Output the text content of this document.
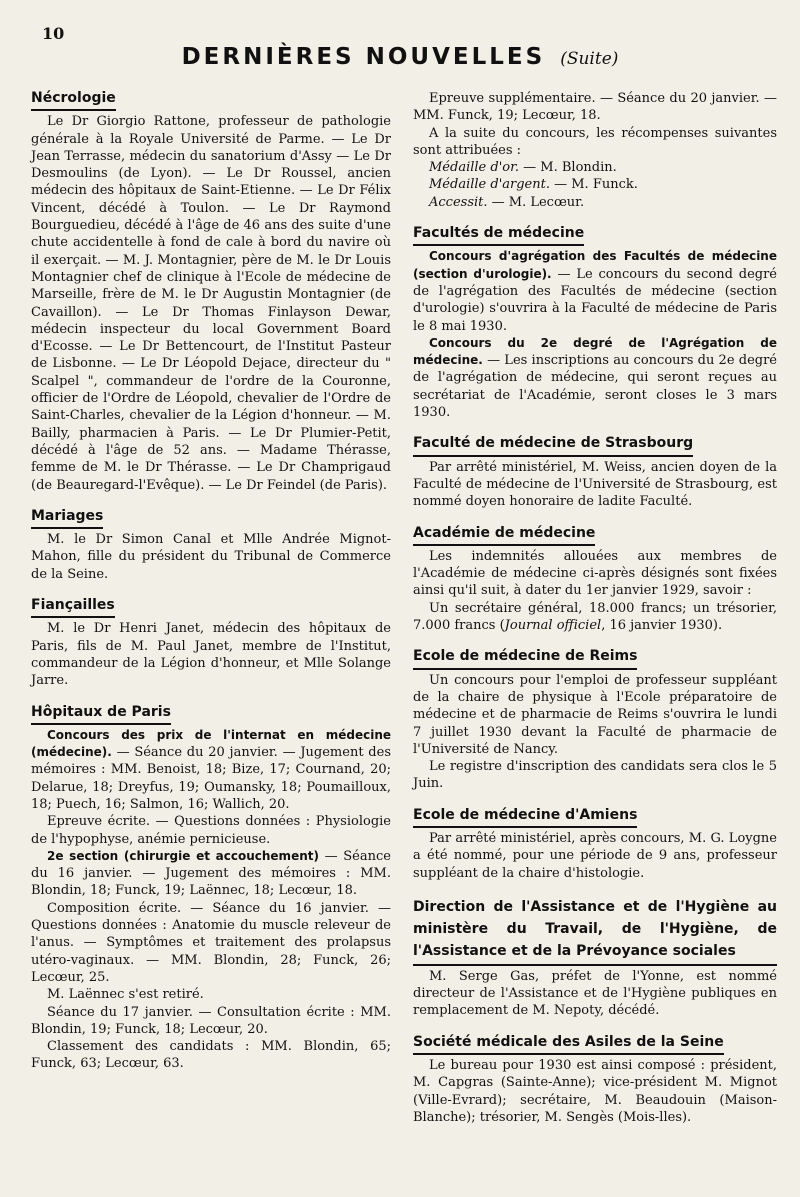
10
DERNIÈRES NOUVELLES (Suite)
Nécrologie

Le Dr Giorgio Rattone, professeur de pathologie générale à la Royale Université de Parme. — Le Dr Jean Terrasse, médecin du sanatorium d'Assy — Le Dr Desmoulins (de Lyon). — Le Dr Roussel, ancien médecin des hôpitaux de Saint-Etienne. — Le Dr Félix Vincent, décédé à Toulon. — Le Dr Raymond Bourguedieu, décédé à l'âge de 46 ans des suite d'une chute accidentelle à fond de cale à bord du navire où il exerçait. — M. J. Montagnier, père de M. le Dr Louis Montagnier chef de clinique à l'Ecole de médecine de Marseille, frère de M. le Dr Augustin Montagnier (de Cavaillon). — Le Dr Thomas Finlayson Dewar, médecin inspecteur du local Government Board d'Ecosse. — Le Dr Bettencourt, de l'Institut Pasteur de Lisbonne. — Le Dr Léopold Dejace, directeur du " Scalpel ", commandeur de l'ordre de la Couronne, officier de l'Ordre de Léopold, chevalier de l'Ordre de Saint-Charles, chevalier de la Légion d'honneur. — M. Bailly, pharmacien à Paris. — Le Dr Plumier-Petit, décédé à l'âge de 52 ans. — Madame Thérasse, femme de M. le Dr Thérasse. — Le Dr Champrigaud (de Beauregard-l'Evêque). — Le Dr Feindel (de Paris).

Mariages

M. le Dr Simon Canal et Mlle Andrée Mignot-Mahon, fille du président du Tribunal de Commerce de la Seine.

Fiançailles

M. le Dr Henri Janet, médecin des hôpitaux de Paris, fils de M. Paul Janet, membre de l'Institut, commandeur de la Légion d'honneur, et Mlle Solange Jarre.

Hôpitaux de Paris

Concours des prix de l'internat en médecine (médecine). — Séance du 20 janvier. — Jugement des mémoires : MM. Benoist, 18; Bize, 17; Cournand, 20; Delarue, 18; Dreyfus, 19; Oumansky, 18; Poumailloux, 18; Puech, 16; Salmon, 16; Wallich, 20.

Epreuve écrite. — Questions données : Physiologie de l'hypophyse, anémie pernicieuse.

2e section (chirurgie et accouchement) — Séance du 16 janvier. — Jugement des mémoires : MM. Blondin, 18; Funck, 19; Laënnec, 18; Lecœur, 18.

Composition écrite. — Séance du 16 janvier. — Questions données : Anatomie du muscle releveur de l'anus. — Symptômes et traitement des prolapsus utéro-vaginaux. — MM. Blondin, 28; Funck, 26; Lecœur, 25.

M. Laënnec s'est retiré.

Séance du 17 janvier. — Consultation écrite : MM. Blondin, 19; Funck, 18; Lecœur, 20.

Classement des candidats : MM. Blondin, 65; Funck, 63; Lecœur, 63.

Epreuve supplémentaire. — Séance du 20 janvier. — MM. Funck, 19; Lecœur, 18.

A la suite du concours, les récompenses suivantes sont attribuées :

Médaille d'or. — M. Blondin.

Médaille d'argent. — M. Funck.

Accessit. — M. Lecœur.

Facultés de médecine

Concours d'agrégation des Facultés de médecine (section d'urologie). — Le concours du second degré de l'agrégation des Facultés de médecine (section d'urologie) s'ouvrira à la Faculté de médecine de Paris le 8 mai 1930.

Concours du 2e degré de l'Agrégation de médecine. — Les inscriptions au concours du 2e degré de l'agrégation de médecine, qui seront reçues au secrétariat de l'Académie, seront closes le 3 mars 1930.

Faculté de médecine de Strasbourg

Par arrêté ministériel, M. Weiss, ancien doyen de la Faculté de médecine de l'Université de Strasbourg, est nommé doyen honoraire de ladite Faculté.

Académie de médecine

Les indemnités allouées aux membres de l'Académie de médecine ci-après désignés sont fixées ainsi qu'il suit, à dater du 1er janvier 1929, savoir :

Un secrétaire général, 18.000 francs; un trésorier, 7.000 francs (Journal officiel, 16 janvier 1930).

Ecole de médecine de Reims

Un concours pour l'emploi de professeur suppléant de la chaire de physique à l'Ecole préparatoire de médecine et de pharmacie de Reims s'ouvrira le lundi 7 juillet 1930 devant la Faculté de pharmacie de l'Université de Nancy.

Le registre d'inscription des candidats sera clos le 5 Juin.

Ecole de médecine d'Amiens

Par arrêté ministériel, après concours, M. G. Loygne a été nommé, pour une période de 9 ans, professeur suppléant de la chaire d'histologie.

Direction de l'Assistance et de l'Hygiène au ministère du Travail, de l'Hygiène, de l'Assistance et de la Prévoyance sociales

M. Serge Gas, préfet de l'Yonne, est nommé directeur de l'Assistance et de l'Hygiène publiques en remplacement de M. Nepoty, décédé.

Société médicale des Asiles de la Seine

Le bureau pour 1930 est ainsi composé : président, M. Capgras (Sainte-Anne); vice-président M. Mignot (Ville-Evrard); secrétaire, M. Beaudouin (Maison-Blanche); trésorier, M. Sengès (Mois-lles).
